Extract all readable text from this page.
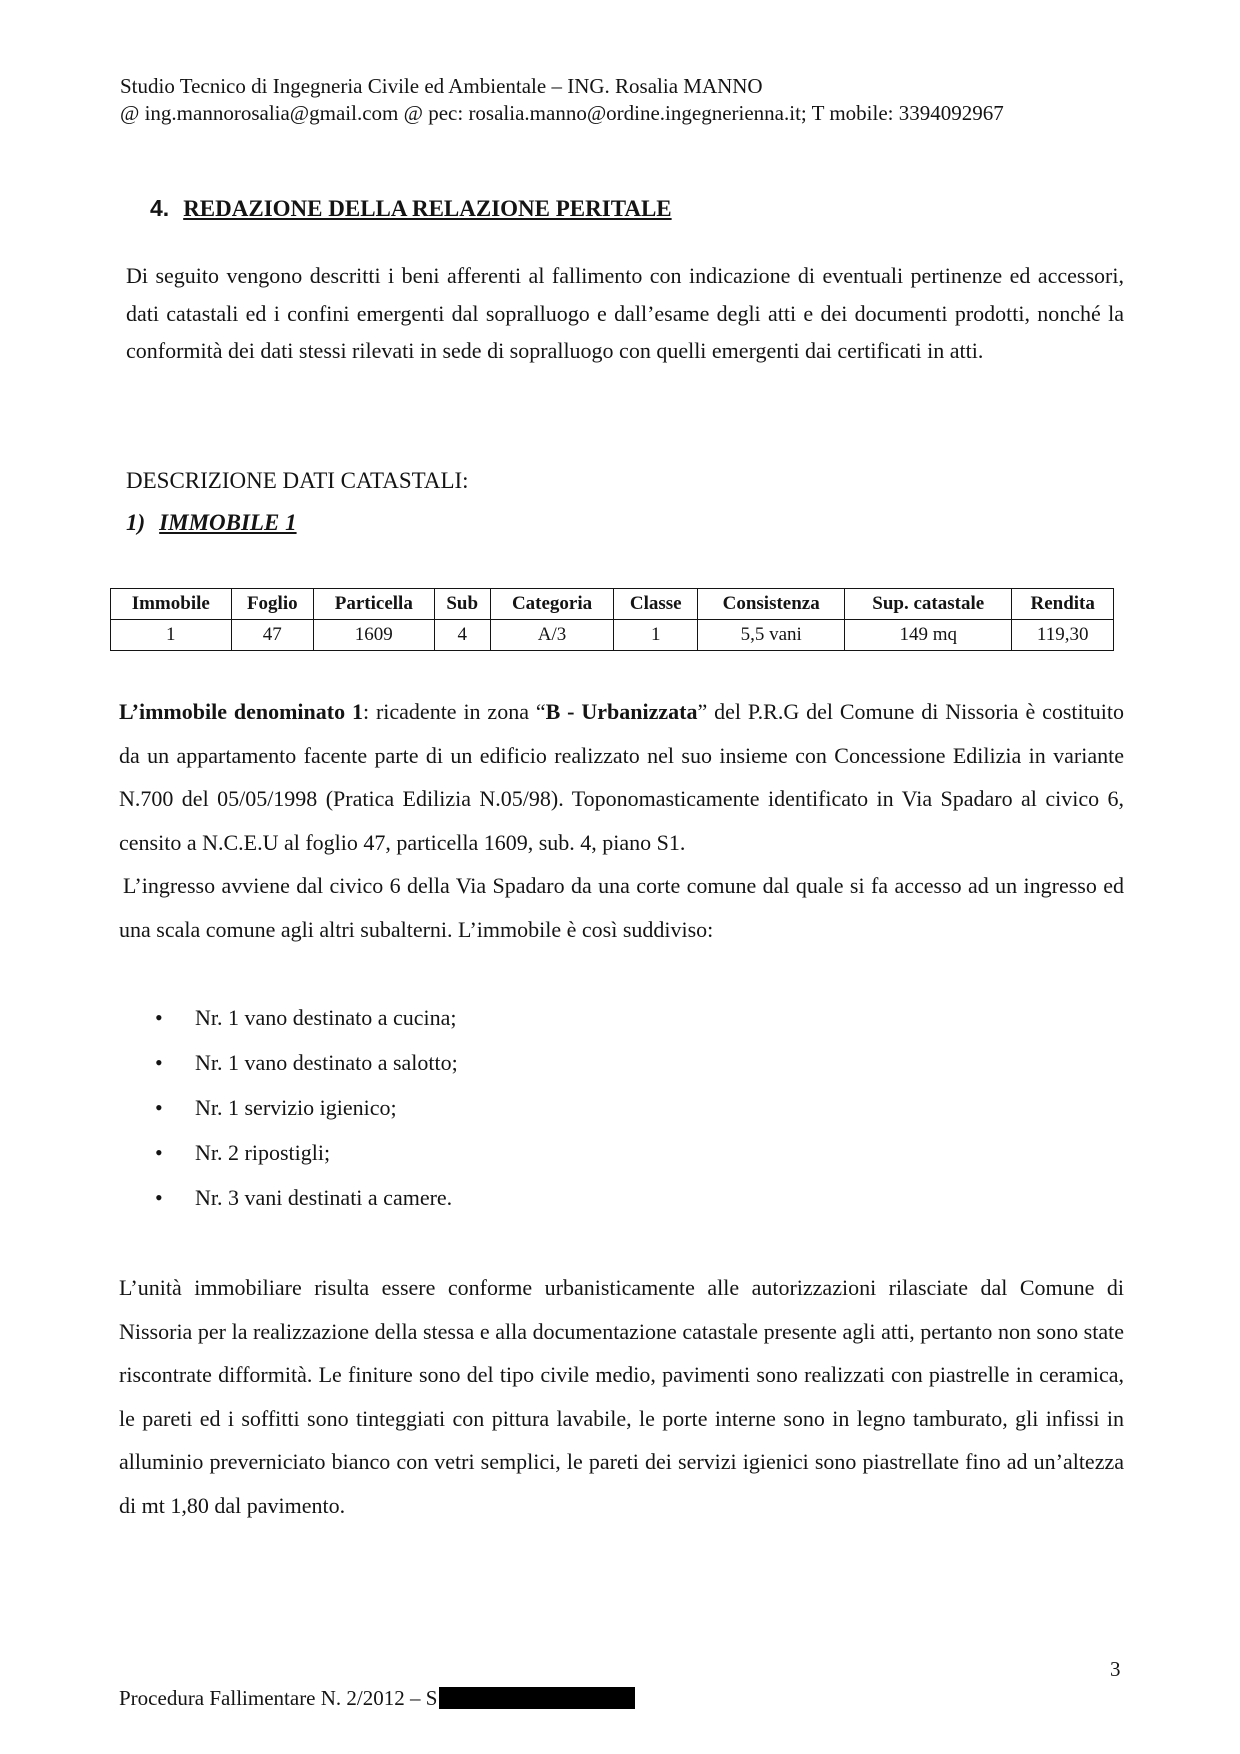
Studio Tecnico di Ingegneria Civile ed Ambientale – ING. Rosalia MANNO
@ ing.mannorosalia@gmail.com @ pec: rosalia.manno@ordine.ingegnerienna.it; T mobile: 3394092967
4. REDAZIONE DELLA RELAZIONE PERITALE
Di seguito vengono descritti i beni afferenti al fallimento con indicazione di eventuali pertinenze ed accessori, dati catastali ed i confini emergenti dal sopralluogo e dall’esame degli atti e dei documenti prodotti, nonché la conformità dei dati stessi rilevati in sede di sopralluogo con quelli emergenti dai certificati in atti.
DESCRIZIONE DATI CATASTALI:
1) IMMOBILE 1
Immobile	Foglio	Particella	Sub	Categoria	Classe	Consistenza	Sup. catastale	Rendita
1	47	1609	4	A/3	1	5,5 vani	149 mq	119,30

L’immobile denominato 1: ricadente in zona “B - Urbanizzata” del P.R.G del Comune di Nissoria è costituito da un appartamento facente parte di un edificio realizzato nel suo insieme con Concessione Edilizia in variante N.700 del 05/05/1998 (Pratica Edilizia N.05/98). Toponomasticamente identificato in Via Spadaro al civico 6, censito a N.C.E.U al foglio 47, particella 1609, sub. 4, piano S1.

L’ingresso avviene dal civico 6 della Via Spadaro da una corte comune dal quale si fa accesso ad un ingresso ed una scala comune agli altri subalterni. L’immobile è così suddiviso:

• Nr. 1 vano destinato a cucina;
• Nr. 1 vano destinato a salotto;
• Nr. 1 servizio igienico;
• Nr. 2 ripostigli;
• Nr. 3 vani destinati a camere.
L’unità immobiliare risulta essere conforme urbanisticamente alle autorizzazioni rilasciate dal Comune di Nissoria per la realizzazione della stessa e alla documentazione catastale presente agli atti, pertanto non sono state riscontrate difformità. Le finiture sono del tipo civile medio, pavimenti sono realizzati con piastrelle in ceramica, le pareti ed i soffitti sono tinteggiati con pittura lavabile, le porte interne sono in legno tamburato, gli infissi in alluminio preverniciato bianco con vetri semplici, le pareti dei servizi igienici sono piastrellate fino ad un’altezza di mt 1,80 dal pavimento.
3
Procedura Fallimentare N. 2/2012 – S
